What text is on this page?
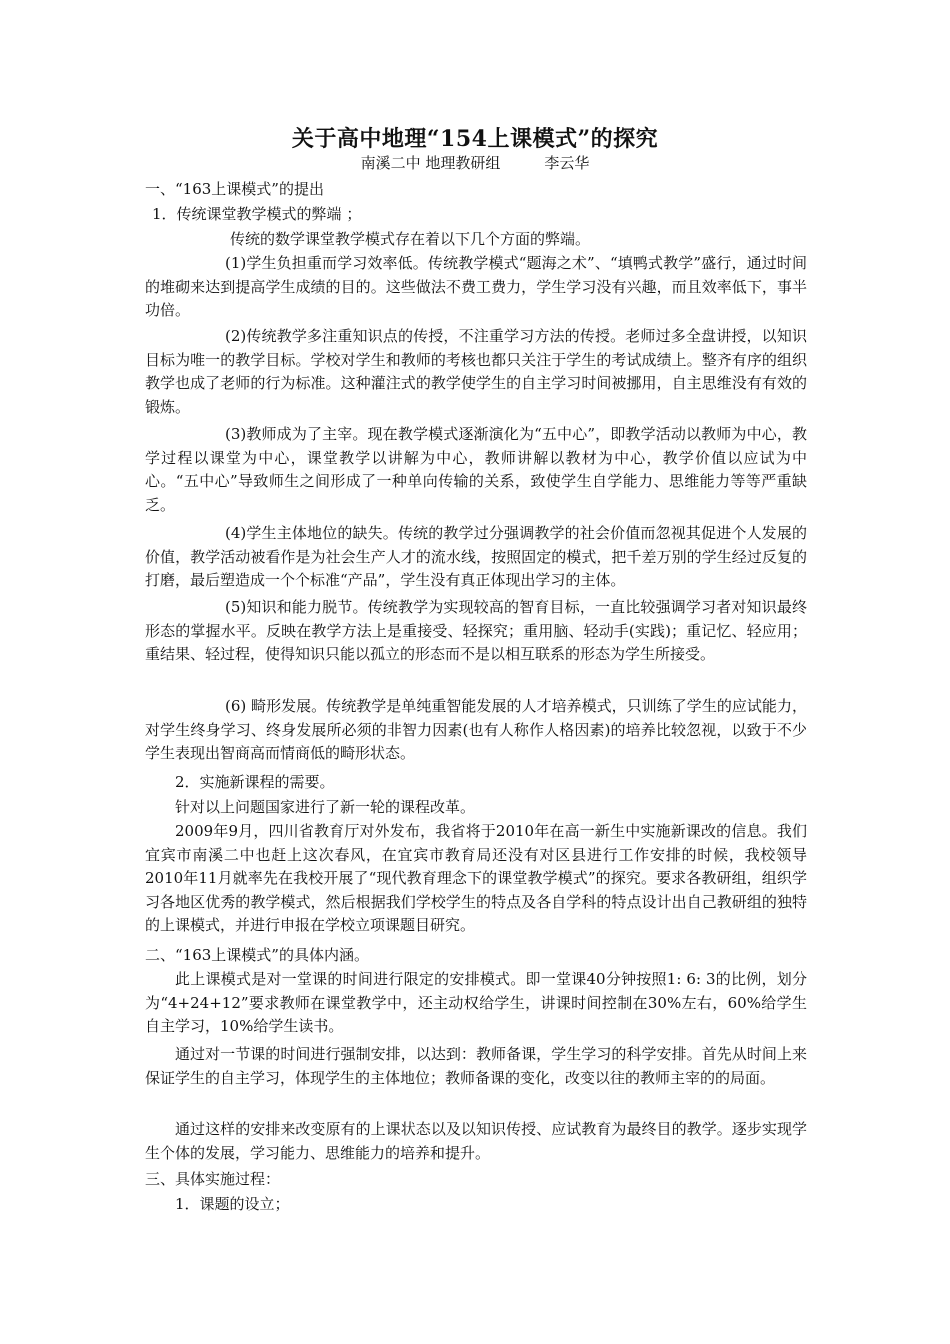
关于高中地理“154上课模式”的探究
南溪二中 地理教研组	李云华
一、“163上课模式”的提出
1．传统课堂教学模式的弊端 ；
传统的数学课堂教学模式存在着以下几个方面的弊端。

(1)学生负担重而学习效率低。传统教学模式“题海之术”、“填鸭式教学”盛行，通过时间的堆砌来达到提高学生成绩的目的。这些做法不费工费力，学生学习没有兴趣，而且效率低下，事半功倍。

(2)传统教学多注重知识点的传授，不注重学习方法的传授。老师过多全盘讲授，以知识目标为唯一的教学目标。学校对学生和教师的考核也都只关注于学生的考试成绩上。整齐有序的组织教学也成了老师的行为标准。这种灌注式的教学使学生的自主学习时间被挪用，自主思维没有有效的锻炼。

(3)教师成为了主宰。现在教学模式逐渐演化为“五中心”，即教学活动以教师为中心，教学过程以课堂为中心，课堂教学以讲解为中心，教师讲解以教材为中心，教学价值以应试为中心。“五中心”导致师生之间形成了一种单向传输的关系，致使学生自学能力、思维能力等等严重缺乏。

(4)学生主体地位的缺失。传统的教学过分强调教学的社会价值而忽视其促进个人发展的价值，教学活动被看作是为社会生产人才的流水线，按照固定的模式，把千差万别的学生经过反复的打磨，最后塑造成一个个标准“产品”，学生没有真正体现出学习的主体。

(5)知识和能力脱节。传统教学为实现较高的智育目标，一直比较强调学习者对知识最终形态的掌握水平。反映在教学方法上是重接受、轻探究；重用脑、轻动手(实践)；重记忆、轻应用；重结果、轻过程，使得知识只能以孤立的形态而不是以相互联系的形态为学生所接受。

(6) 畸形发展。传统教学是单纯重智能发展的人才培养模式，只训练了学生的应试能力，对学生终身学习、终身发展所必须的非智力因素(也有人称作人格因素)的培养比较忽视，以致于不少学生表现出智商高而情商低的畸形状态。

2．实施新课程的需要。
针对以上问题国家进行了新一轮的课程改革。

2009年9月，四川省教育厅对外发布，我省将于2010年在高一新生中实施新课改的信息。我们宜宾市南溪二中也赶上这次春风，在宜宾市教育局还没有对区县进行工作安排的时候，我校领导2010年11月就率先在我校开展了“现代教育理念下的课堂教学模式”的探究。要求各教研组，组织学习各地区优秀的教学模式，然后根据我们学校学生的特点及各自学科的特点设计出自己教研组的独特的上课模式，并进行申报在学校立项课题目研究。

二、“163上课模式”的具体内涵。

此上课模式是对一堂课的时间进行限定的安排模式。即一堂课40分钟按照1: 6: 3的比例，划分为“4+24+12”要求教师在课堂教学中，还主动权给学生，讲课时间控制在30%左右，60%给学生自主学习，10%给学生读书。

通过对一节课的时间进行强制安排，以达到：教师备课，学生学习的科学安排。首先从时间上来保证学生的自主学习，体现学生的主体地位；教师备课的变化，改变以往的教师主宰的的局面。

通过这样的安排来改变原有的上课状态以及以知识传授、应试教育为最终目的教学。逐步实现学生个体的发展，学习能力、思维能力的培养和提升。

三、具体实施过程：
1．课题的设立；
